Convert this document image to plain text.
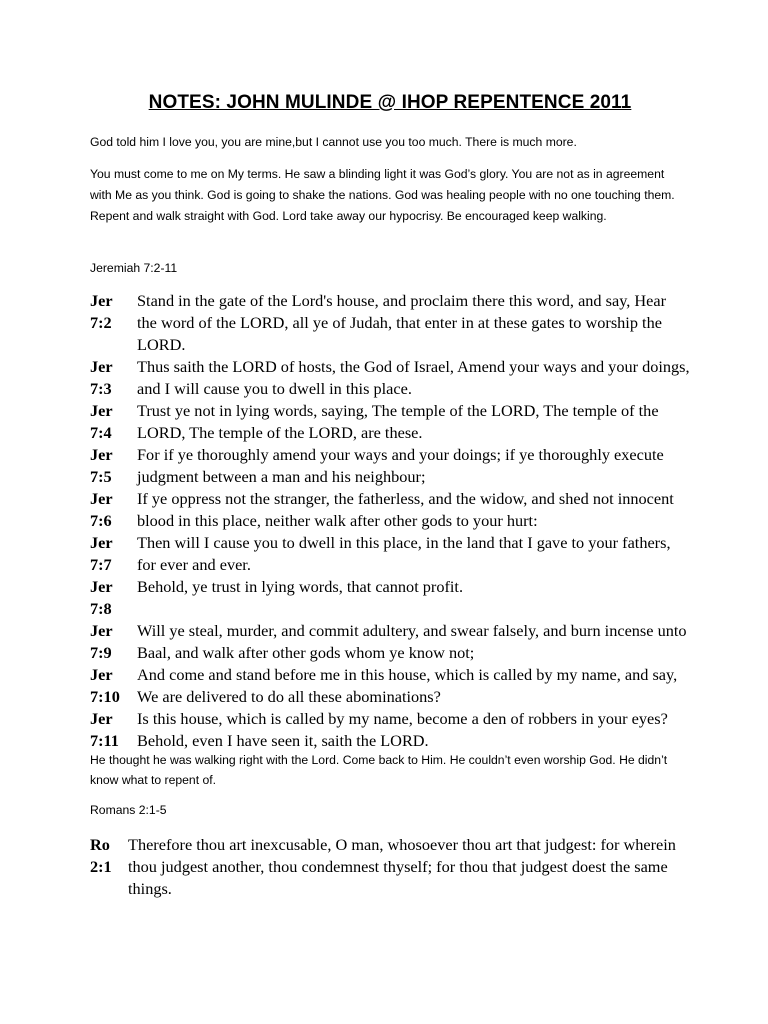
NOTES: JOHN MULINDE @ IHOP REPENTENCE 2011
God told him I love you, you are mine,but I cannot use you too much. There is much more.
You must come to me on My terms. He saw a blinding light it was God’s glory. You are not as in agreement with Me as you think. God is going to shake the nations. God was healing people with no one touching them. Repent and walk straight with God. Lord take away our hypocrisy. Be encouraged keep walking.
Jeremiah 7:2-11
Jer
7:2
Stand in the gate of the Lord's house, and proclaim there this word, and say, Hear the word of the LORD, all ye of Judah, that enter in at these gates to worship the LORD.
Jer
7:3
Thus saith the LORD of hosts, the God of Israel, Amend your ways and your doings, and I will cause you to dwell in this place.
Jer
7:4
Trust ye not in lying words, saying, The temple of the LORD, The temple of the LORD, The temple of the LORD, are these.
Jer
7:5
For if ye thoroughly amend your ways and your doings; if ye thoroughly execute judgment between a man and his neighbour;
Jer
7:6
If ye oppress not the stranger, the fatherless, and the widow, and shed not innocent blood in this place, neither walk after other gods to your hurt:
Jer
7:7
Then will I cause you to dwell in this place, in the land that I gave to your fathers, for ever and ever.
Jer
7:8
Behold, ye trust in lying words, that cannot profit.
Jer
7:9
Will ye steal, murder, and commit adultery, and swear falsely, and burn incense unto Baal, and walk after other gods whom ye know not;
Jer
7:10
And come and stand before me in this house, which is called by my name, and say, We are delivered to do all these abominations?
Jer
7:11
Is this house, which is called by my name, become a den of robbers in your eyes? Behold, even I have seen it, saith the LORD.
He thought he was walking right with the Lord. Come back to Him. He couldn’t even worship God. He didn’t know what to repent of.
Romans 2:1-5
Ro
2:1
Therefore thou art inexcusable, O man, whosoever thou art that judgest: for wherein thou judgest another, thou condemnest thyself; for thou that judgest doest the same things.
